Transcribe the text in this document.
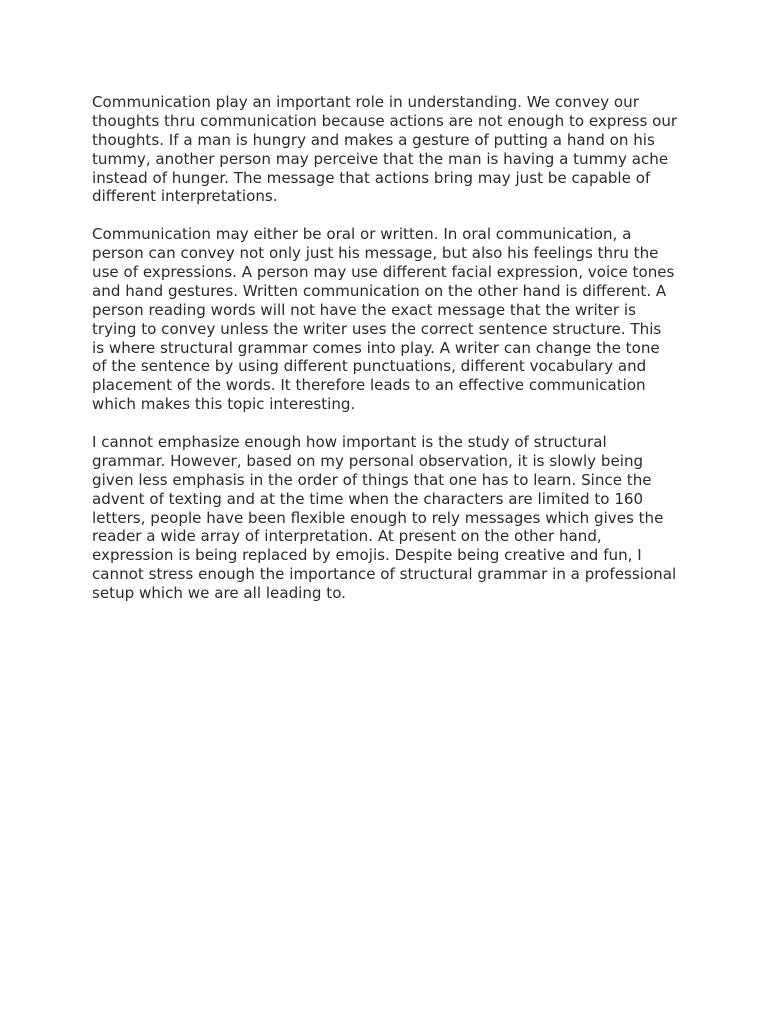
Communication play an important role in understanding. We convey our
thoughts thru communication because actions are not enough to express our
thoughts. If a man is hungry and makes a gesture of putting a hand on his
tummy, another person may perceive that the man is having a tummy ache
instead of hunger. The message that actions bring may just be capable of
different interpretations.
Communication may either be oral or written. In oral communication, a
person can convey not only just his message, but also his feelings thru the
use of expressions. A person may use different facial expression, voice tones
and hand gestures. Written communication on the other hand is different. A
person reading words will not have the exact message that the writer is
trying to convey unless the writer uses the correct sentence structure. This
is where structural grammar comes into play. A writer can change the tone
of the sentence by using different punctuations, different vocabulary and
placement of the words. It therefore leads to an effective communication
which makes this topic interesting.
I cannot emphasize enough how important is the study of structural
grammar. However, based on my personal observation, it is slowly being
given less emphasis in the order of things that one has to learn. Since the
advent of texting and at the time when the characters are limited to 160
letters, people have been flexible enough to rely messages which gives the
reader a wide array of interpretation. At present on the other hand,
expression is being replaced by emojis. Despite being creative and fun, I
cannot stress enough the importance of structural grammar in a professional
setup which we are all leading to.
